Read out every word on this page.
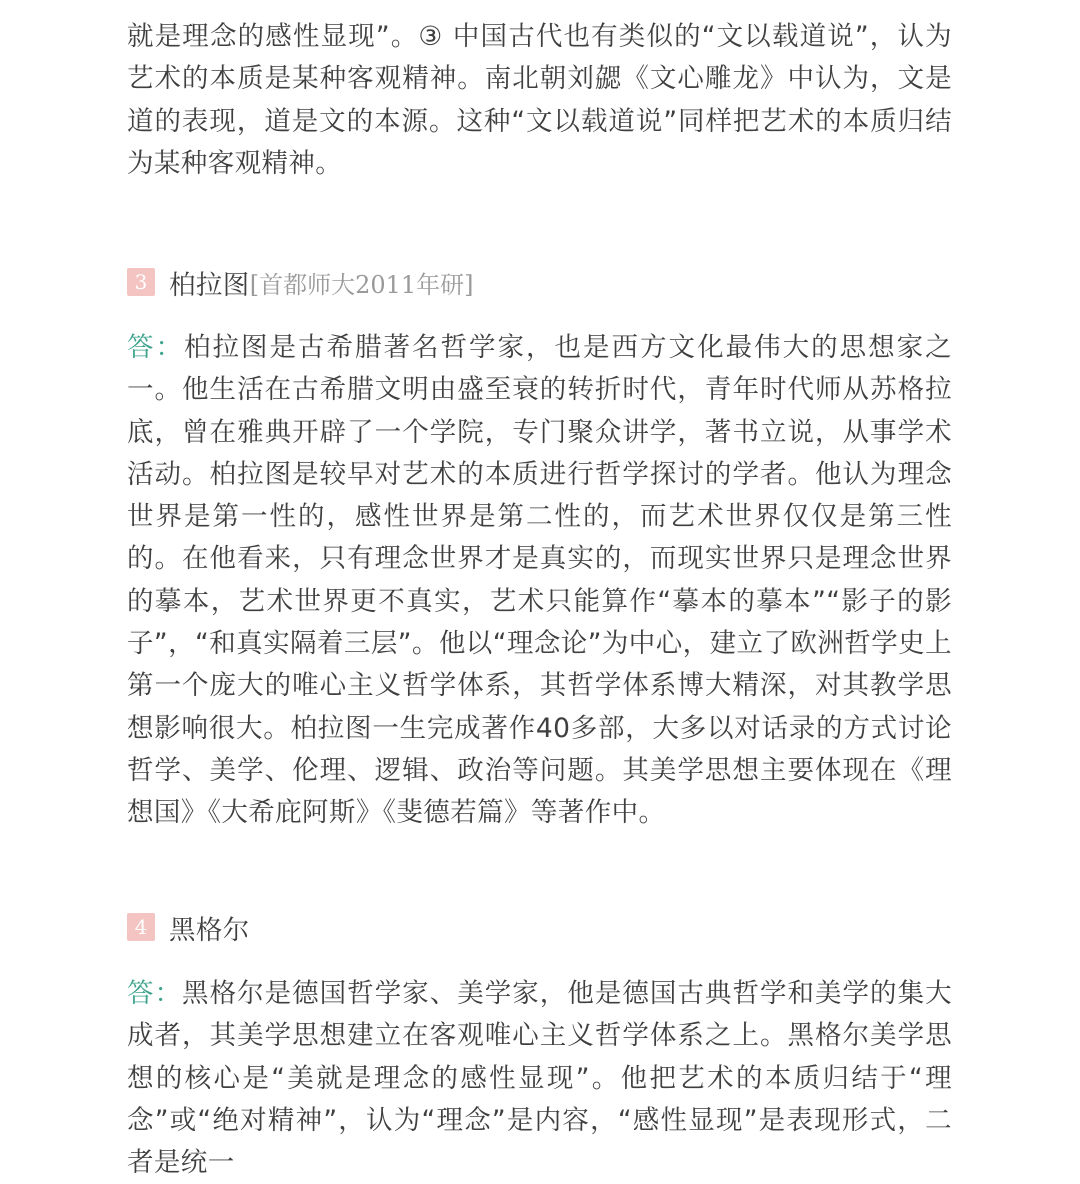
就是理念的感性显现”。③ 中国古代也有类似的“文以载道说”，认为艺术的本质是某种客观精神。南北朝刘勰《文心雕龙》中认为，文是道的表现，道是文的本源。这种“文以载道说”同样把艺术的本质归结为某种客观精神。

3 柏拉图 [首都师大2011年研]

答：柏拉图是古希腊著名哲学家，也是西方文化最伟大的思想家之一。他生活在古希腊文明由盛至衰的转折时代，青年时代师从苏格拉底，曾在雅典开辟了一个学院，专门聚众讲学，著书立说，从事学术活动。柏拉图是较早对艺术的本质进行哲学探讨的学者。他认为理念世界是第一性的，感性世界是第二性的，而艺术世界仅仅是第三性的。在他看来，只有理念世界才是真实的，而现实世界只是理念世界的摹本，艺术世界更不真实，艺术只能算作“摹本的摹本”“影子的影子”，“和真实隔着三层”。他以“理念论”为中心，建立了欧洲哲学史上第一个庞大的唯心主义哲学体系，其哲学体系博大精深，对其教学思想影响很大。柏拉图一生完成著作40多部，大多以对话录的方式讨论哲学、美学、伦理、逻辑、政治等问题。其美学思想主要体现在《理想国》《大希庇阿斯》《斐德若篇》等著作中。

4 黑格尔

答：黑格尔是德国哲学家、美学家，他是德国古典哲学和美学的集大成者，其美学思想建立在客观唯心主义哲学体系之上。黑格尔美学思想的核心是“美就是理念的感性显现”。他把艺术的本质归结于“理念”或“绝对精神”，认为“理念”是内容，“感性显现”是表现形式，二者是统一
